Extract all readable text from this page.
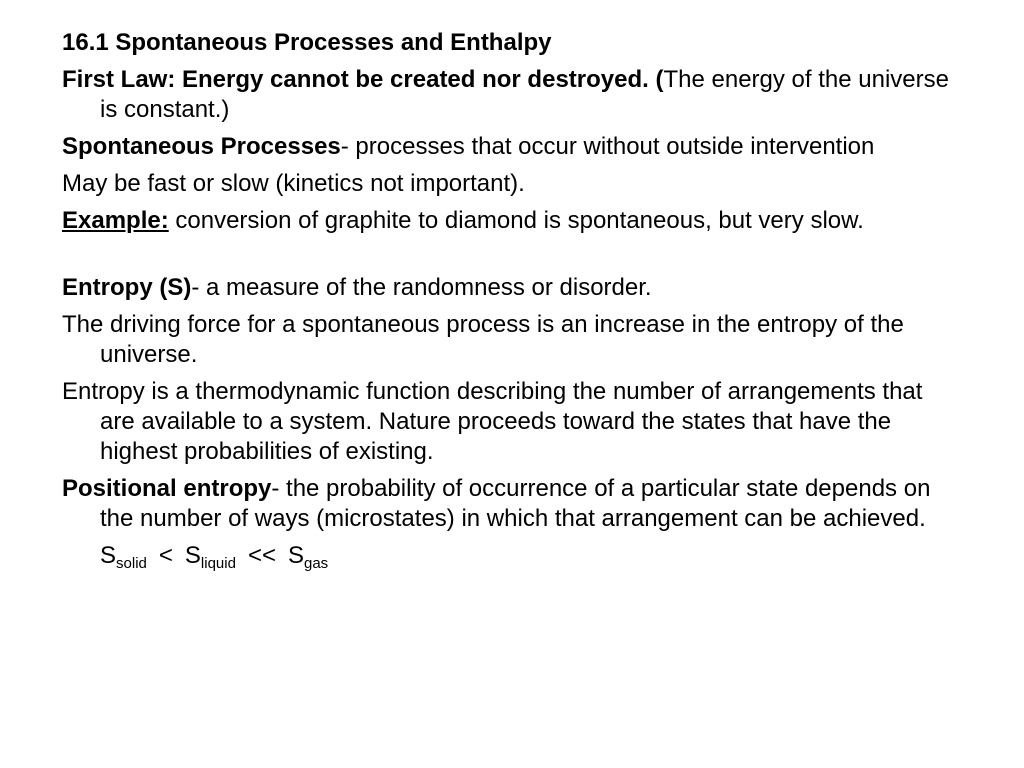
16.1 Spontaneous Processes and Enthalpy

First Law: Energy cannot be created nor destroyed. (The energy of the universe is constant.)

Spontaneous Processes- processes that occur without outside intervention

May be fast or slow (kinetics not important).

Example: conversion of graphite to diamond is spontaneous, but very slow.

Entropy (S)- a measure of the randomness or disorder.

The driving force for a spontaneous process is an increase in the entropy of the universe.

Entropy is a thermodynamic function describing the number of arrangements that are available to a system. Nature proceeds toward the states that have the highest probabilities of existing.

Positional entropy- the probability of occurrence of a particular state depends on the number of ways (microstates) in which that arrangement can be achieved.

$S_{solid} < S_{liquid} << S_{gas}$
